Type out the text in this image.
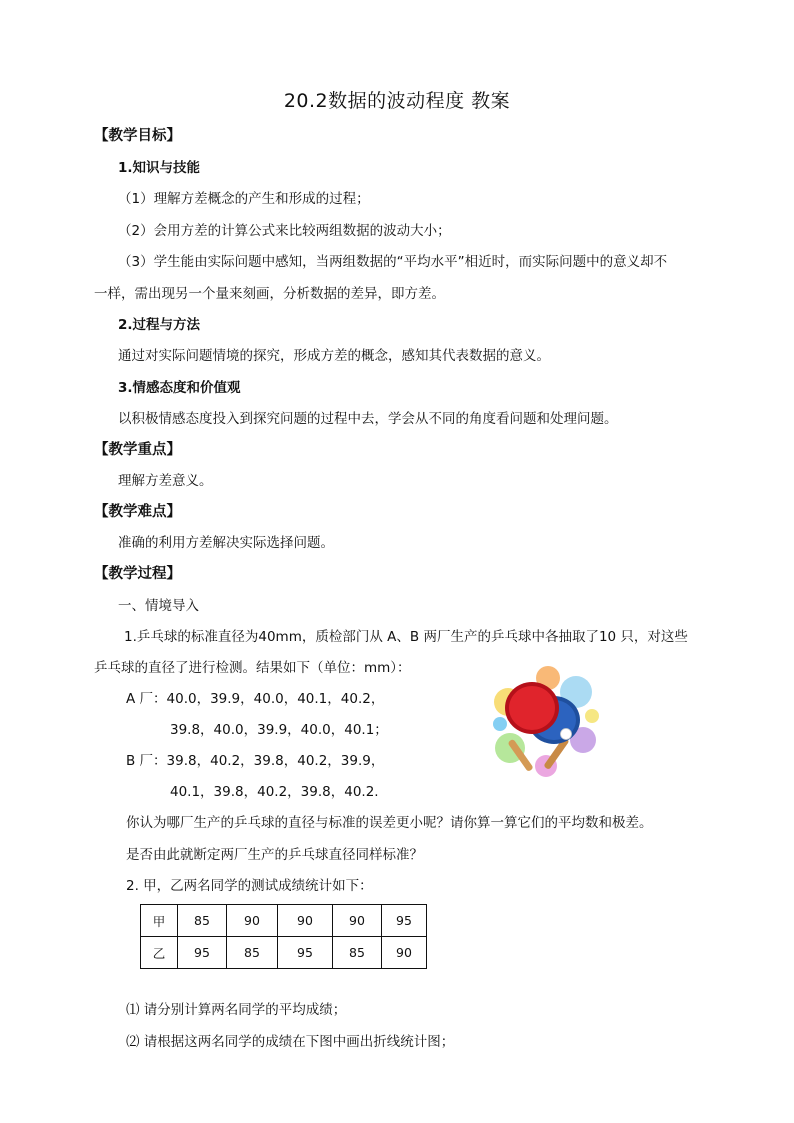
20.2数据的波动程度 教案
【教学目标】
1.知识与技能
（1）理解方差概念的产生和形成的过程；
（2）会用方差的计算公式来比较两组数据的波动大小；
（3）学生能由实际问题中感知，当两组数据的“平均水平”相近时，而实际问题中的意义却不
一样，需出现另一个量来刻画，分析数据的差异，即方差。
2.过程与方法
通过对实际问题情境的探究，形成方差的概念，感知其代表数据的意义。
3.情感态度和价值观
以积极情感态度投入到探究问题的过程中去，学会从不同的角度看问题和处理问题。
【教学重点】
理解方差意义。
【教学难点】
准确的利用方差解决实际选择问题。
【教学过程】
一、情境导入
1.乒乓球的标准直径为40mm，质检部门从 A、B 两厂生产的乒乓球中各抽取了10 只，对这些
乒乓球的直径了进行检测。结果如下（单位：mm）：
A 厂：40.0，39.9，40.0，40.1，40.2，
39.8，40.0，39.9，40.0，40.1；
B 厂：39.8，40.2，39.8，40.2，39.9，
40.1，39.8，40.2，39.8，40.2.
你认为哪厂生产的乒乓球的直径与标准的误差更小呢？请你算一算它们的平均数和极差。
是否由此就断定两厂生产的乒乓球直径同样标准？
2. 甲，乙两名同学的测试成绩统计如下：
甲	85	90	90	90	95
乙	95	85	95	85	90
⑴ 请分别计算两名同学的平均成绩；
⑵ 请根据这两名同学的成绩在下图中画出折线统计图；
